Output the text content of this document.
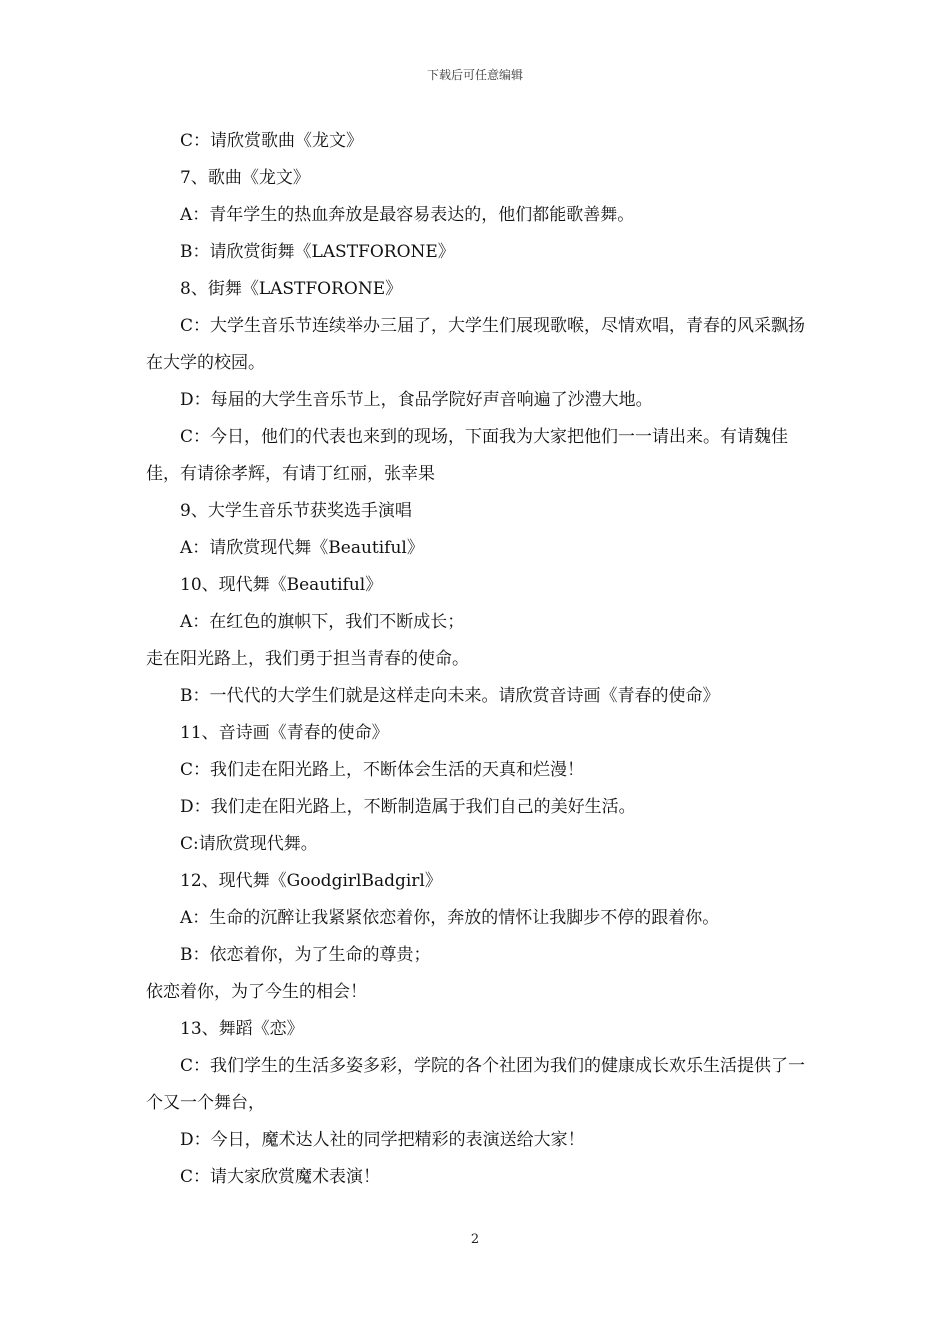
下载后可任意编辑

C：请欣赏歌曲《龙文》

7、歌曲《龙文》

A：青年学生的热血奔放是最容易表达的，他们都能歌善舞。

B：请欣赏街舞《LASTFORONE》

8、街舞《LASTFORONE》

C：大学生音乐节连续举办三届了，大学生们展现歌喉，尽情欢唱，青春的风采飘扬在大学的校园。

D：每届的大学生音乐节上，食品学院好声音响遍了沙澧大地。

C：今日，他们的代表也来到的现场，下面我为大家把他们一一请出来。有请魏佳佳，有请徐孝辉，有请丁红丽，张幸果

9、大学生音乐节获奖选手演唱

A：请欣赏现代舞《Beautiful》

10、现代舞《Beautiful》

A：在红色的旗帜下，我们不断成长；

走在阳光路上，我们勇于担当青春的使命。

B：一代代的大学生们就是这样走向未来。请欣赏音诗画《青春的使命》

11、音诗画《青春的使命》

C：我们走在阳光路上，不断体会生活的天真和烂漫！

D：我们走在阳光路上，不断制造属于我们自己的美好生活。

C:请欣赏现代舞。

12、现代舞《GoodgirlBadgirl》

A：生命的沉醉让我紧紧依恋着你，奔放的情怀让我脚步不停的跟着你。

B：依恋着你，为了生命的尊贵；

依恋着你，为了今生的相会！

13、舞蹈《恋》

C：我们学生的生活多姿多彩，学院的各个社团为我们的健康成长欢乐生活提供了一个又一个舞台，

D：今日，魔术达人社的同学把精彩的表演送给大家！

C：请大家欣赏魔术表演！

2
